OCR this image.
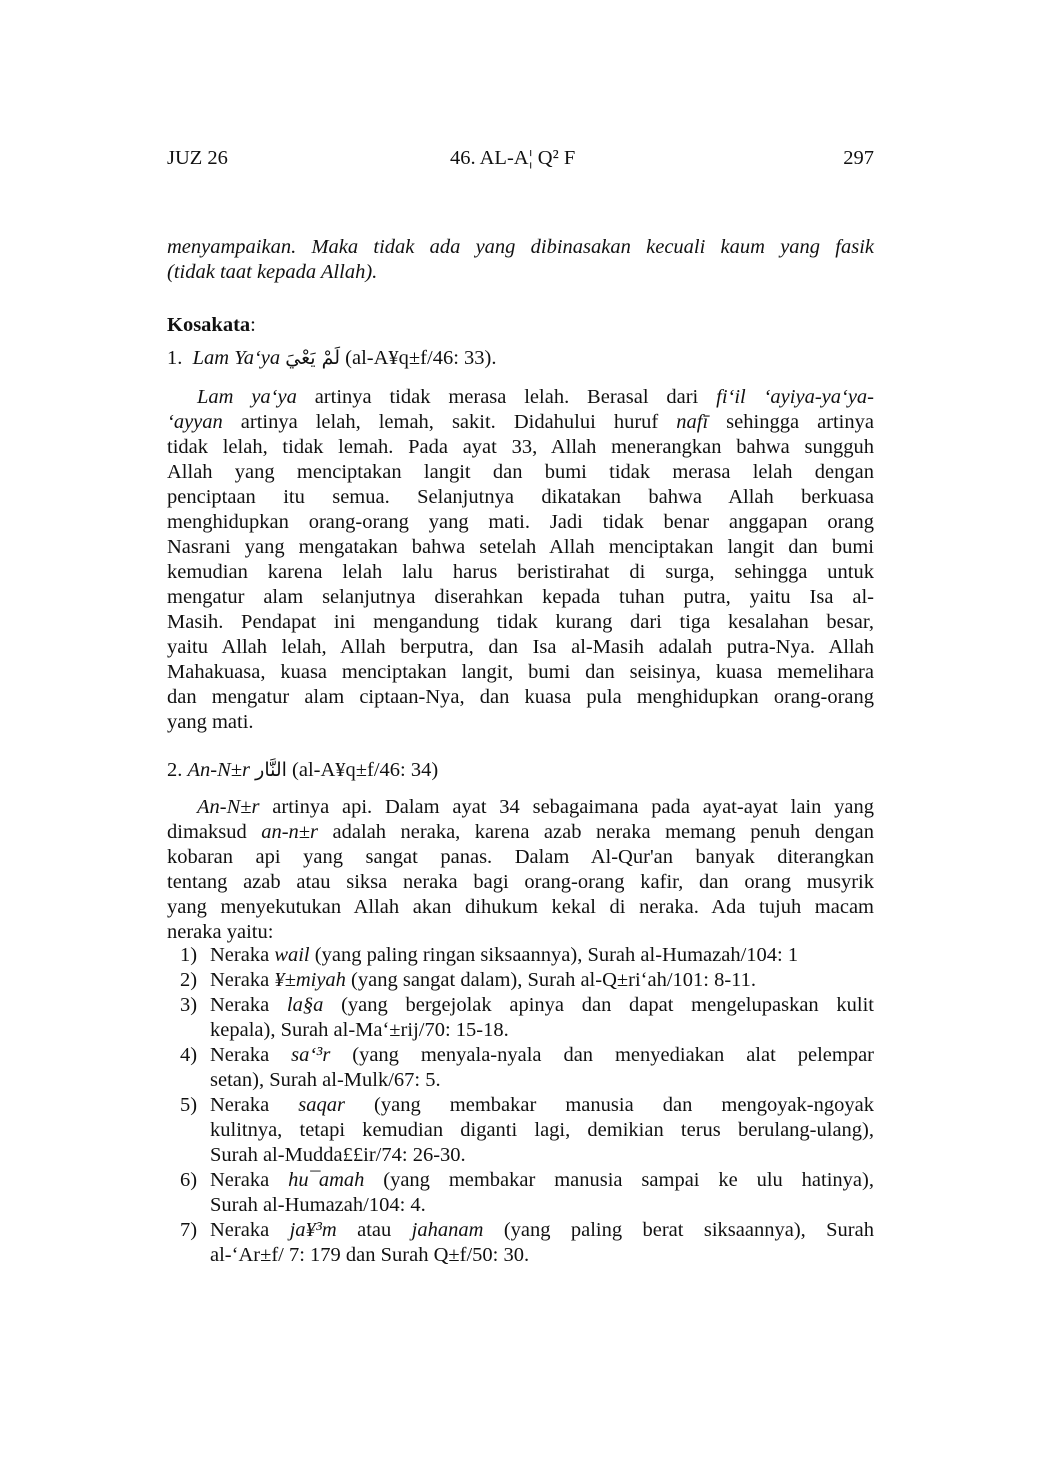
JUZ 26	46. AL-A¦ Q² F	297
menyampaikan. Maka tidak ada yang dibinasakan kecuali kaum yang fasik
(tidak taat kepada Allah).
Kosakata:
1. Lam Ya‘ya لَمْ يَعْيَ (al-A¥q±f/46: 33).
Lam ya‘ya artinya tidak merasa lelah. Berasal dari fi‘il ‘ayiya-ya‘ya-
‘ayyan artinya lelah, lemah, sakit. Didahului huruf nafī sehingga artinya
tidak lelah, tidak lemah. Pada ayat 33, Allah menerangkan bahwa sungguh
Allah yang menciptakan langit dan bumi tidak merasa lelah dengan
penciptaan itu semua. Selanjutnya dikatakan bahwa Allah berkuasa
menghidupkan orang-orang yang mati. Jadi tidak benar anggapan orang
Nasrani yang mengatakan bahwa setelah Allah menciptakan langit dan bumi
kemudian karena lelah lalu harus beristirahat di surga, sehingga untuk
mengatur alam selanjutnya diserahkan kepada tuhan putra, yaitu Isa al-
Masih. Pendapat ini mengandung tidak kurang dari tiga kesalahan besar,
yaitu Allah lelah, Allah berputra, dan Isa al-Masih adalah putra-Nya. Allah
Mahakuasa, kuasa menciptakan langit, bumi dan seisinya, kuasa memelihara
dan mengatur alam ciptaan-Nya, dan kuasa pula menghidupkan orang-orang
yang mati.
2. An-N±r النَّار (al-A¥q±f/46: 34)
An-N±r artinya api. Dalam ayat 34 sebagaimana pada ayat-ayat lain yang
dimaksud an-n±r adalah neraka, karena azab neraka memang penuh dengan
kobaran api yang sangat panas. Dalam Al-Qur'an banyak diterangkan
tentang azab atau siksa neraka bagi orang-orang kafir, dan orang musyrik
yang menyekutukan Allah akan dihukum kekal di neraka. Ada tujuh macam
neraka yaitu:
1) Neraka wail (yang paling ringan siksaannya), Surah al-Humazah/104: 1
2) Neraka ¥±miyah (yang sangat dalam), Surah al-Q±ri‘ah/101: 8-11.
3) Neraka la§a (yang bergejolak apinya dan dapat mengelupaskan kulit
kepala), Surah al-Ma‘±rij/70: 15-18.
4) Neraka sa‘³r (yang menyala-nyala dan menyediakan alat pelempar
setan), Surah al-Mulk/67: 5.
5) Neraka saqar (yang membakar manusia dan mengoyak-ngoyak
kulitnya, tetapi kemudian diganti lagi, demikian terus berulang-ulang),
Surah al-Mudda££ir/74: 26-30.
6) Neraka hu¯amah (yang membakar manusia sampai ke ulu hatinya),
Surah al-Humazah/104: 4.
7) Neraka ja¥³m atau jahanam (yang paling berat siksaannya), Surah
al-‘Ar±f/ 7: 179 dan Surah Q±f/50: 30.
